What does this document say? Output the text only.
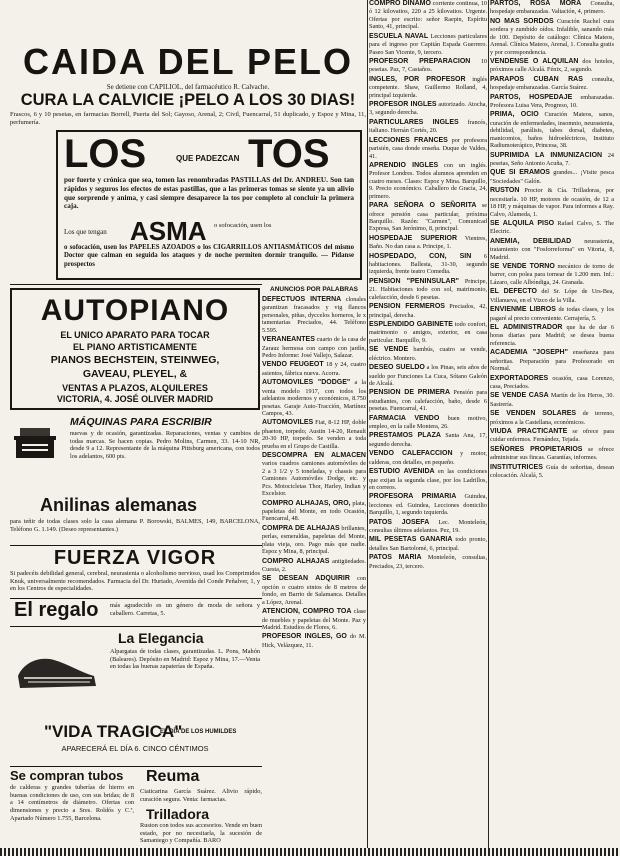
CAIDA DEL PELO
Se detiene con CAPILIOL, del farmacéutico R. Calvache.
CURA LA CALVICIE ¡PELO A LOS 30 DIAS!
Frascos, 6 y 10 pesetas, en farmacias Borrell, Puerta del Sol; Gayoso, Arenal, 2; Civil, Fuencarral, 51 duplicado, y Espoz y Mina, 11, perfumería.
LOS	QUE PADEZCAN TOS
por fuerte y crónica que sea, tomen las renombradas PASTILLAS del Dr. ANDREU. Son tan rápidos y seguros los efectos de estas pastillas, que a las primeras tomas se siente ya un alivio que sorprende y anima, y casi siempre desaparece la tos por completo al concluir la primera caja.
Los que tengan ASMA o sofocación, usen los
o sofocación, usen los PAPELES AZOADOS o los CIGARRILLOS ANTIASMÁTICOS del mismo Doctor que calman en seguida los ataques y de noche permiten dormir tranquilo. — Pídanse prospectos
AUTOPIANO
EL UNICO APARATO PARA TOCAR
EL PIANO ARTISTICAMENTE
PIANOS BECHSTEIN, STEINWEG,
GAVEAU, PLEYEL, &
VENTAS A PLAZOS, ALQUILERES
VICTORIA, 4. JOSÉ OLIVER MADRID
MÁQUINAS PARA ESCRIBIR
nuevas y de ocasión, garantizadas. Reparaciones, ventas y cambios de todas marcas. Se hacen copias. Pedro Molins, Carmen, 33. 14-10 NR, desde 9 a 12. Representante de la máquina Pittsburg americana, con todos los adelantos, 600 pts.
Anilinas alemanas
para teñir de todas clases solo la casa alemana P. Borowski, BALMES, 149, BARCELONA, Teléfono G. 1.149. (Deseo representantes.)
FUERZA VIGOR
Si padecéis debilidad general, cerebral, neurastenia o alcoholismo nervioso, usad los Comprimidos Knuk, universalmente recomendados. Farmacia del Dr. Hurtado, Avenida del Conde Peñalver, 1, y en los Centros de especialidades.
El regalo más agradecido es un género de moda de señora y caballero. Carretas, 5.
La Elegancia
Alpargatas de todas clases, garantizadas. L. Pons, Mahón (Baleares). Depósito en Madrid: Espoz y Mina, 17.—Venta en todas las buenas zapaterías de España.
"VIDA TRAGICA"
EL DÍA DE LOS HUMILDES
APARECERÁ EL DÍA 6. CINCO CÉNTIMOS
Se compran tubos
de calderas y grandes tuberías de hierro en buenas condiciones de uso, con sus bridas; de 8 a 14 centímetros de diámetro. Ofertas con dimensiones y precio a Sres. Roldós y C.ª, Apartado Número 1.755, Barcelona.
Reuma
Ciaticarina García Suárez. Alivio rápido, curación segura. Venta: farmacias.
Trilladora
Ruston con todos sus accesorios. Vende en buen estado, por no necesitarla, la sucesión de Samaniego y Compañía. BARO
ANUNCIOS POR PALABRAS

DEFECTUOS INTERNA clonales garantizan fracasados y vig flancos personales, piñas, dyccelos horneros, le x tamentarias Preciados, 44. Teléfono 5.595.

VERANEANTES cuarto de la casa de Zarauz hermosa con campo con jardín, Pedro Informe: José Vallejo, Salazar.

VENDO FEUGEOT 18 y 24, cuatro asientos, fábrica nueva. Acorra.

AUTOMOVILES "DODGE" a la venta modelo 1917, con todos los adelantos modernos y económicos, 8.750 pesetas. Garaje Auto-Tracción, Martínez Campos, 43.

AUTOMOVILES Fiat, 8-12 HP, doble phaeton, torpedo; Austin 14-20, Renault 20-30 HP, torpedo. Se venden a toda prueba en el Grupo de Castilla.

DESCOMPRA EN ALMACEN varios cuadros camiones automóviles de 2 a 3 1/2 y 5 toneladas, y chassis para Camiones Automóviles Dodge, etc. y Pcs. Motocicletas Thor, Harley, Indian y Excelsior.

COMPRO ALHAJAS, ORO, plata, papeletas del Monte, en todo Ocasión, Fuencarral, 48.

COMPRA DE ALHAJAS brillantes, perlas, esmeraldas, papeletas del Monte, plata vieja, oro. Pago más que nadie. Espoz y Mina, 8, principal.

COMPRO ALHAJAS antigüedades. Cuesta, 2.

SE DESEAN ADQUIRIR con opción o cuatro eintos de 8 metros de fondo, en Barrio de Salamanca. Detalles a López, Arenal.

ATENCION, COMPRO TOA clase de muebles y papeletas del Monte. Paz y Madrid. Estudios de Flores, 6.

PROFESOR INGLES, GO do M. Hick, Velázquez, 11.

COMPRO DINAMO corriente continua, 10 ó 12 kilovatios, 220 a 25 kilovatios. Urgente. Ofertas por escrito: señor Raepin, Espíritu Santo, 41, principal.

ESCUELA NAVAL Lecciones particulares para el ingreso por Capitán Espada Guerrero. Paseo San Vicente, 9, tercero.

PROFESOR PREPARACION 10 pesetas. Paz, 7, Castaños.

INGLES, POR PROFESOR inglés competente. Shaw, Guillermo Rolland, 4, principal izquierda.

PROFESOR INGLES autorizado. Atocha, 3, segundo derecha.

PARTICULARES INGLES francés, italiano. Hernán Cortés, 20.

LECCIONES FRANCES por profesora parisién, casa donde enseña. Duque de Valdes, 41.

APRENDIO INGLES con un inglés. Profesor Londres. Todos alumnos aprenden en cuatro meses. Clases: Espoz y Mina. Barquillo, 9. Precio económico. Caballero de Gracia, 24, primero.

PARA SEÑORA O SEÑORITA se ofrece pensión casa particular, próxima Barquillo. Razón: "Carmen", Comunicad Expresa, San Jerónimo, 8, principal.

HOSPEDAJE SUPERIOR Vientres, Baño. No dan casa a. Principe, 1.

HOSPEDADO, CON, SIN 6 habitaciones. Ballesta, 31-30, segundo izquierda, frente teatro Comedia.

PENSION "PENINSULAR" Principe, 21. Habitaciones todo con sol, matrimonio, calefacción, desde 6 pesetas.

PENSION FERMEROS Preciados, 42, principal, derecha.

ESPLENDIDO GABINETE todo confort, matrimonio o amigos, exterior, en casa particular. Barquillo, 9.

SE VENDE bambús, cuatro se vende, eléctrico. Montero.

DESEO SUELDO a los Pinas, seis años de sueldo por Funciones La Cuca, Sótano Galeón de Alcalá.

PENSION DE PRIMERA Pensión para estudiantes, con calefacción, baño, desde 6 pesetas. Fuencarral, 41.

FARMACIA VENDO buen motivo, empleo, en la calle Montera, 26.

PRESTAMOS PLAZA Santa Ana, 17, segundo derecha.

VENDO CALEFACCION y motor, calderas, con detalles, en pequeño.

ESTUDIO AVENIDA en las condiciones que exijan la segunda clase, por los Ladrillos, en correos.

PROFESORA PRIMARIA Guindea, lecciones ed. Guindea, Lecciones domicilio Barquillo, 1, segundo izquierda.

PATOS JOSEFA Lec. Monteleón, consultas últimos adelantos. Pez, 19.

MIL PESETAS GANARIA todo pronto, detalles San Bartolomé, 6, principal.

PATOS MARIA Monteleón, consultas, Preciados, 23, tercero.

PARTOS, ROSA MORA Consulta, hospedaje embarazadas. Valtación, 4, primero.

NO MAS SORDOS Curación Rachel cura sordera y zumbido oídos. Infalible, sanando más de 100. Depósito de catálogo: Clínica Mateos, Arenal. Clínica Mateos, Arenal, 1. Consulta gratis y por correspondencia.

VENDENSE O ALQUILAN dos hoteles, próximos calle Alcalá. Fénix, 2, segundo.

PARAPOS CUBAN RAS consulta, hospedaje embarazadas. García Suárez.

PARTOS, HOSPEDAJE embarazadas. Profesora Luisa Vera, Progreso, 10.

PRIMA, OCIO Curación Mateos, sanos, curación de enfermedades, insomnio, neurastenia, debilidad, parálisis, tabes dorsal, diabetes, manicomios, baños hidroeléctricos, Instituto Radiumoterápico, Princesa, 38.

SUPRIMIDA LA INMUNIZACION 24 pesetas, Seño Antonio Acuña, 7.

QUE SI ERAMOS grandes... ¡Visite pesca "Sociedades" Galón.

RUSTON Proctor & Cía. Trilladoras, por necesitarla. 10 HP, motores de ocasión, de 12 a 18 HP, y máquinas de vapor. Para informes a Ray. Calvo, Alameda, 1.

SE ALQUILA PISO Rafael Calvo, 5. The Electric.

ANEMIA, DEBILIDAD neurastenia, tratamiento con "Fosforreforma" en Vitoria, 8, Madrid.

SE VENDE TORNO mecánico de torno de barrer, con polea para tornear de 1.200 mm. Inf.: Lázaro, calle Albóndiga, 24. Granada.

EL DEFECTO del Sr. Lópe de Urs-Bea, Villanueva, en el Vizco de la Villa.

ENVIENME LIBROS de todas clases, y los pagaré al precio conveniente. Cerrajería, 5.

EL ADMINISTRADOR que ha de dar 6 horas diarias para Madrid; se desea buena referencia.

ACADEMIA "JOSEPH" enseñanza para señoritas. Preparación para Profesorado en Normal.

EXPORTADORES ocasión, casa Lorenzo, casa, Preciados.

SE VENDE CASA Martín de los Heros, 30. Sastrería.

SE VENDEN SOLARES de terreno, próximos a la Castellana, económicos.

VIUDA PRACTICANTE se ofrece para cuidar enfermos. Fernández, Tejada.

SEÑORES PROPIETARIOS se ofrece administrar sus fincas. Garantías, informes.

INSTITUTRICES Guía de señoritas, desean colocación. Alcalá, 5.
